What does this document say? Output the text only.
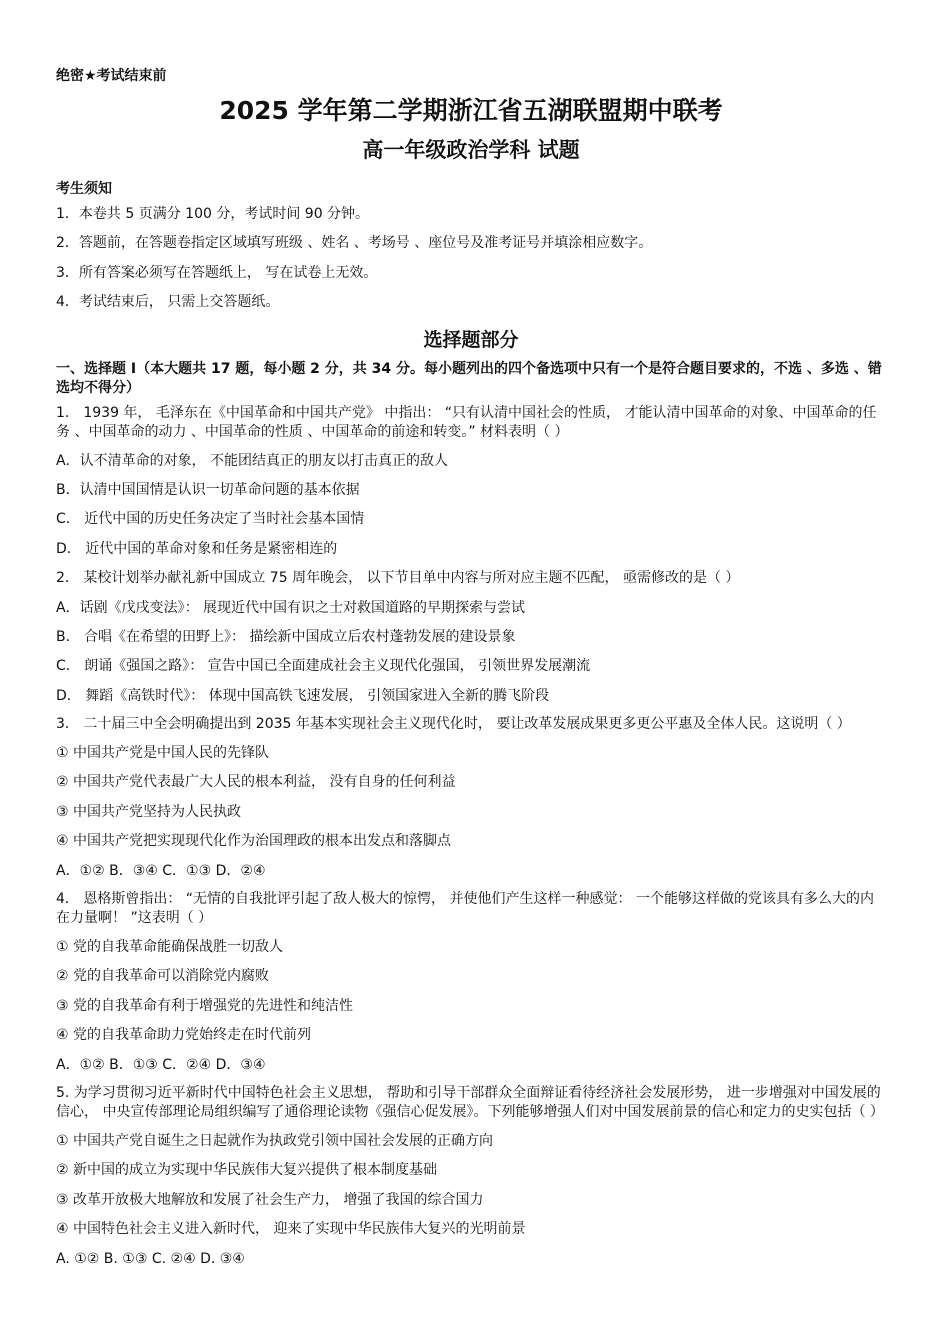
绝密★考试结束前
2025 学年第二学期浙江省五湖联盟期中联考
高一年级政治学科 试题
考生须知
1．本卷共 5 页满分 100 分，考试时间 90 分钟。
2．答题前，在答题卷指定区域填写班级 、姓名 、考场号 、座位号及准考证号并填涂相应数字。
3．所有答案必须写在答题纸上， 写在试卷上无效。
4．考试结束后， 只需上交答题纸。
选择题部分
一、选择题 Ⅰ（本大题共 17 题，每小题 2 分，共 34 分。每小题列出的四个备选项中只有一个是符合题目要求的，不选 、多选 、错选均不得分）
1． 1939 年， 毛泽东在《中国革命和中国共产党》 中指出： “只有认清中国社会的性质， 才能认清中国革命的对象、中国革命的任务 、中国革命的动力 、中国革命的性质 、中国革命的前途和转变。” 材料表明（ ）
A．认不清革命的对象， 不能团结真正的朋友以打击真正的敌人
B．认清中国国情是认识一切革命问题的基本依据
C． 近代中国的历史任务决定了当时社会基本国情
D． 近代中国的革命对象和任务是紧密相连的
2． 某校计划举办献礼新中国成立 75 周年晚会， 以下节目单中内容与所对应主题不匹配， 亟需修改的是（ ）
A．话剧《戊戌变法》： 展现近代中国有识之士对救国道路的早期探索与尝试
B． 合唱《在希望的田野上》： 描绘新中国成立后农村蓬勃发展的建设景象
C． 朗诵《强国之路》： 宣告中国已全面建成社会主义现代化强国， 引领世界发展潮流
D． 舞蹈《高铁时代》： 体现中国高铁飞速发展， 引领国家进入全新的腾飞阶段
3． 二十届三中全会明确提出到 2035 年基本实现社会主义现代化时， 要让改革发展成果更多更公平惠及全体人民。这说明（ ）
① 中国共产党是中国人民的先锋队
② 中国共产党代表最广大人民的根本利益， 没有自身的任何利益
③ 中国共产党坚持为人民执政
④ 中国共产党把实现现代化作为治国理政的根本出发点和落脚点
A．①② B．③④ C．①③ D．②④
4． 恩格斯曾指出： “无情的自我批评引起了敌人极大的惊愕， 并使他们产生这样一种感觉： 一个能够这样做的党该具有多么大的内在力量啊！ ”这表明（ ）
① 党的自我革命能确保战胜一切敌人
② 党的自我革命可以消除党内腐败
③ 党的自我革命有利于增强党的先进性和纯洁性
④ 党的自我革命助力党始终走在时代前列
A．①② B．①③ C．②④ D．③④
5. 为学习贯彻习近平新时代中国特色社会主义思想， 帮助和引导干部群众全面辩证看待经济社会发展形势， 进一步增强对中国发展的信心， 中央宣传部理论局组织编写了通俗理论读物《强信心促发展》。下列能够增强人们对中国发展前景的信心和定力的史实包括（ ）
① 中国共产党自诞生之日起就作为执政党引领中国社会发展的正确方向
② 新中国的成立为实现中华民族伟大复兴提供了根本制度基础
③ 改革开放极大地解放和发展了社会生产力， 增强了我国的综合国力
④ 中国特色社会主义进入新时代， 迎来了实现中华民族伟大复兴的光明前景
A. ①② B. ①③ C. ②④ D. ③④
